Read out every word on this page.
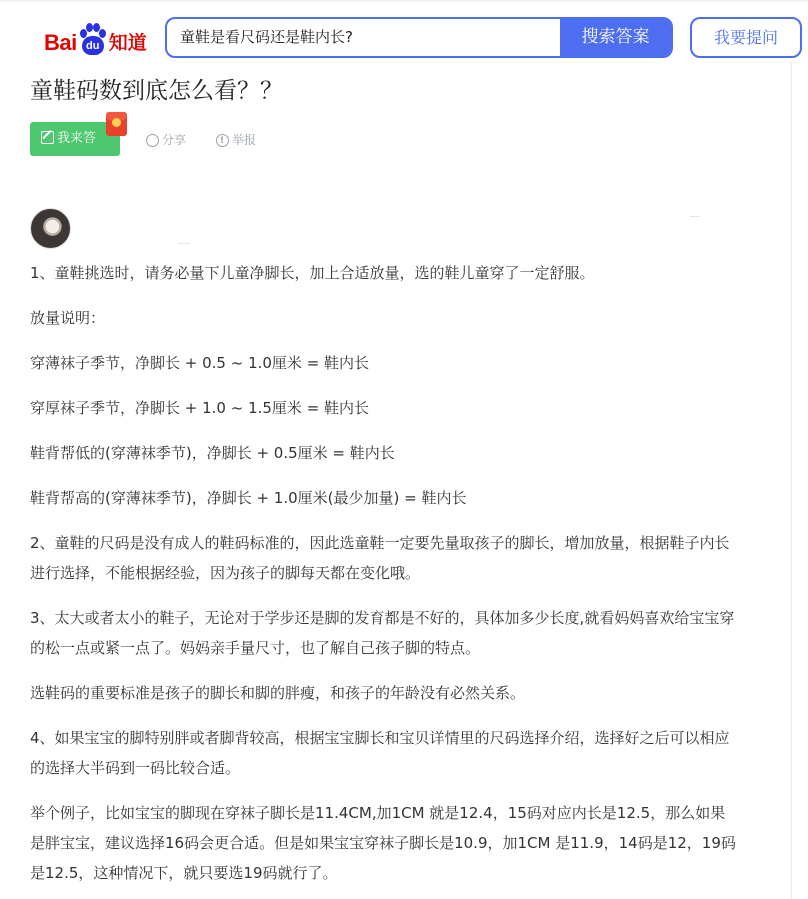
Bai du 知道	童鞋是看尺码还是鞋内长?	搜索答案	我要提问
童鞋码数到底怎么看？？
我来答	分享
!	举报

1、童鞋挑选时，请务必量下儿童净脚长，加上合适放量，选的鞋儿童穿了一定舒服。

放量说明：

穿薄袜子季节，净脚长 + 0.5 ~ 1.0厘米 = 鞋内长

穿厚袜子季节，净脚长 + 1.0 ~ 1.5厘米 = 鞋内长

鞋背帮低的(穿薄袜季节)，净脚长 + 0.5厘米 = 鞋内长

鞋背帮高的(穿薄袜季节)，净脚长 + 1.0厘米(最少加量) = 鞋内长

2、童鞋的尺码是没有成人的鞋码标准的，因此选童鞋一定要先量取孩子的脚长，增加放量，根据鞋子内长进行选择，不能根据经验，因为孩子的脚每天都在变化哦。

3、太大或者太小的鞋子，无论对于学步还是脚的发育都是不好的，具体加多少长度,就看妈妈喜欢给宝宝穿的松一点或紧一点了。妈妈亲手量尺寸，也了解自己孩子脚的特点。

选鞋码的重要标准是孩子的脚长和脚的胖瘦，和孩子的年龄没有必然关系。

4、如果宝宝的脚特别胖或者脚背较高，根据宝宝脚长和宝贝详情里的尺码选择介绍，选择好之后可以相应的选择大半码到一码比较合适。

举个例子，比如宝宝的脚现在穿袜子脚长是11.4CM,加1CM 就是12.4，15码对应内长是12.5，那么如果是胖宝宝，建议选择16码会更合适。但是如果宝宝穿袜子脚长是10.9，加1CM 是11.9，14码是12，19码是12.5，这种情况下，就只要选19码就行了。
